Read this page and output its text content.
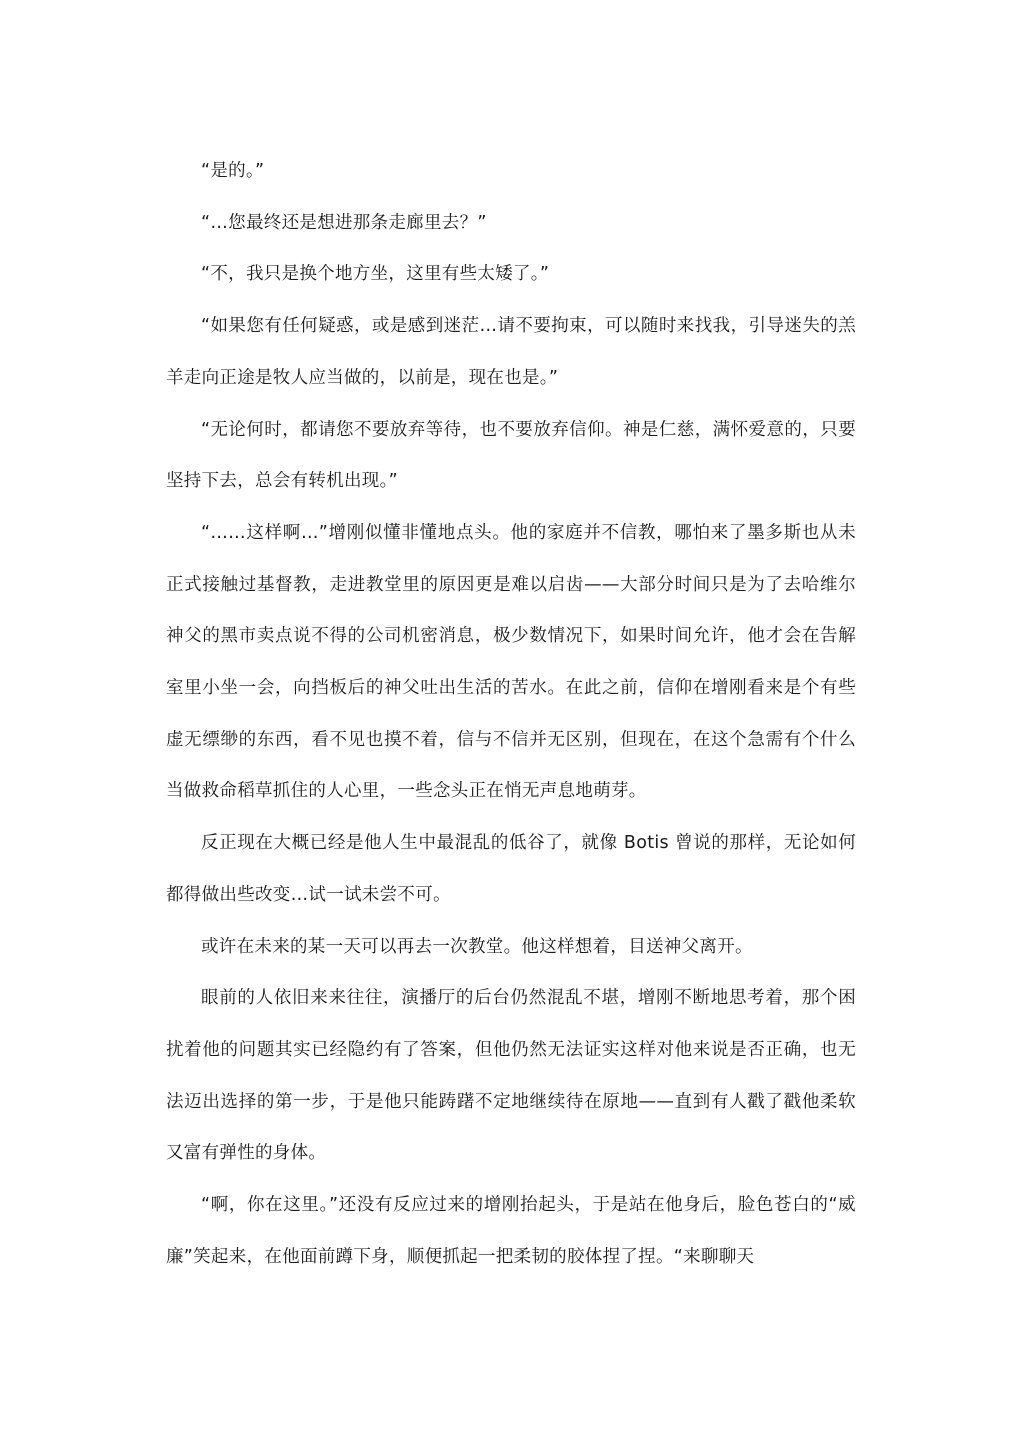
“是的。”

“…您最终还是想进那条走廊里去？”

“不，我只是换个地方坐，这里有些太矮了。”

“如果您有任何疑惑，或是感到迷茫…请不要拘束，可以随时来找我，引导迷失的羔羊走向正途是牧人应当做的，以前是，现在也是。”

“无论何时，都请您不要放弃等待，也不要放弃信仰。神是仁慈，满怀爱意的，只要坚持下去，总会有转机出现。”

“……这样啊…”增刚似懂非懂地点头。他的家庭并不信教，哪怕来了墨多斯也从未正式接触过基督教，走进教堂里的原因更是难以启齿——大部分时间只是为了去哈维尔神父的黑市卖点说不得的公司机密消息，极少数情况下，如果时间允许，他才会在告解室里小坐一会，向挡板后的神父吐出生活的苦水。在此之前，信仰在增刚看来是个有些虚无缥缈的东西，看不见也摸不着，信与不信并无区别，但现在，在这个急需有个什么当做救命稻草抓住的人心里，一些念头正在悄无声息地萌芽。

反正现在大概已经是他人生中最混乱的低谷了，就像 Botis 曾说的那样，无论如何都得做出些改变…试一试未尝不可。

或许在未来的某一天可以再去一次教堂。他这样想着，目送神父离开。

眼前的人依旧来来往往，演播厅的后台仍然混乱不堪，增刚不断地思考着，那个困扰着他的问题其实已经隐约有了答案，但他仍然无法证实这样对他来说是否正确，也无法迈出选择的第一步，于是他只能踌躇不定地继续待在原地——直到有人戳了戳他柔软又富有弹性的身体。

“啊，你在这里。”还没有反应过来的增刚抬起头，于是站在他身后，脸色苍白的“威廉”笑起来，在他面前蹲下身，顺便抓起一把柔韧的胶体捏了捏。“来聊聊天
